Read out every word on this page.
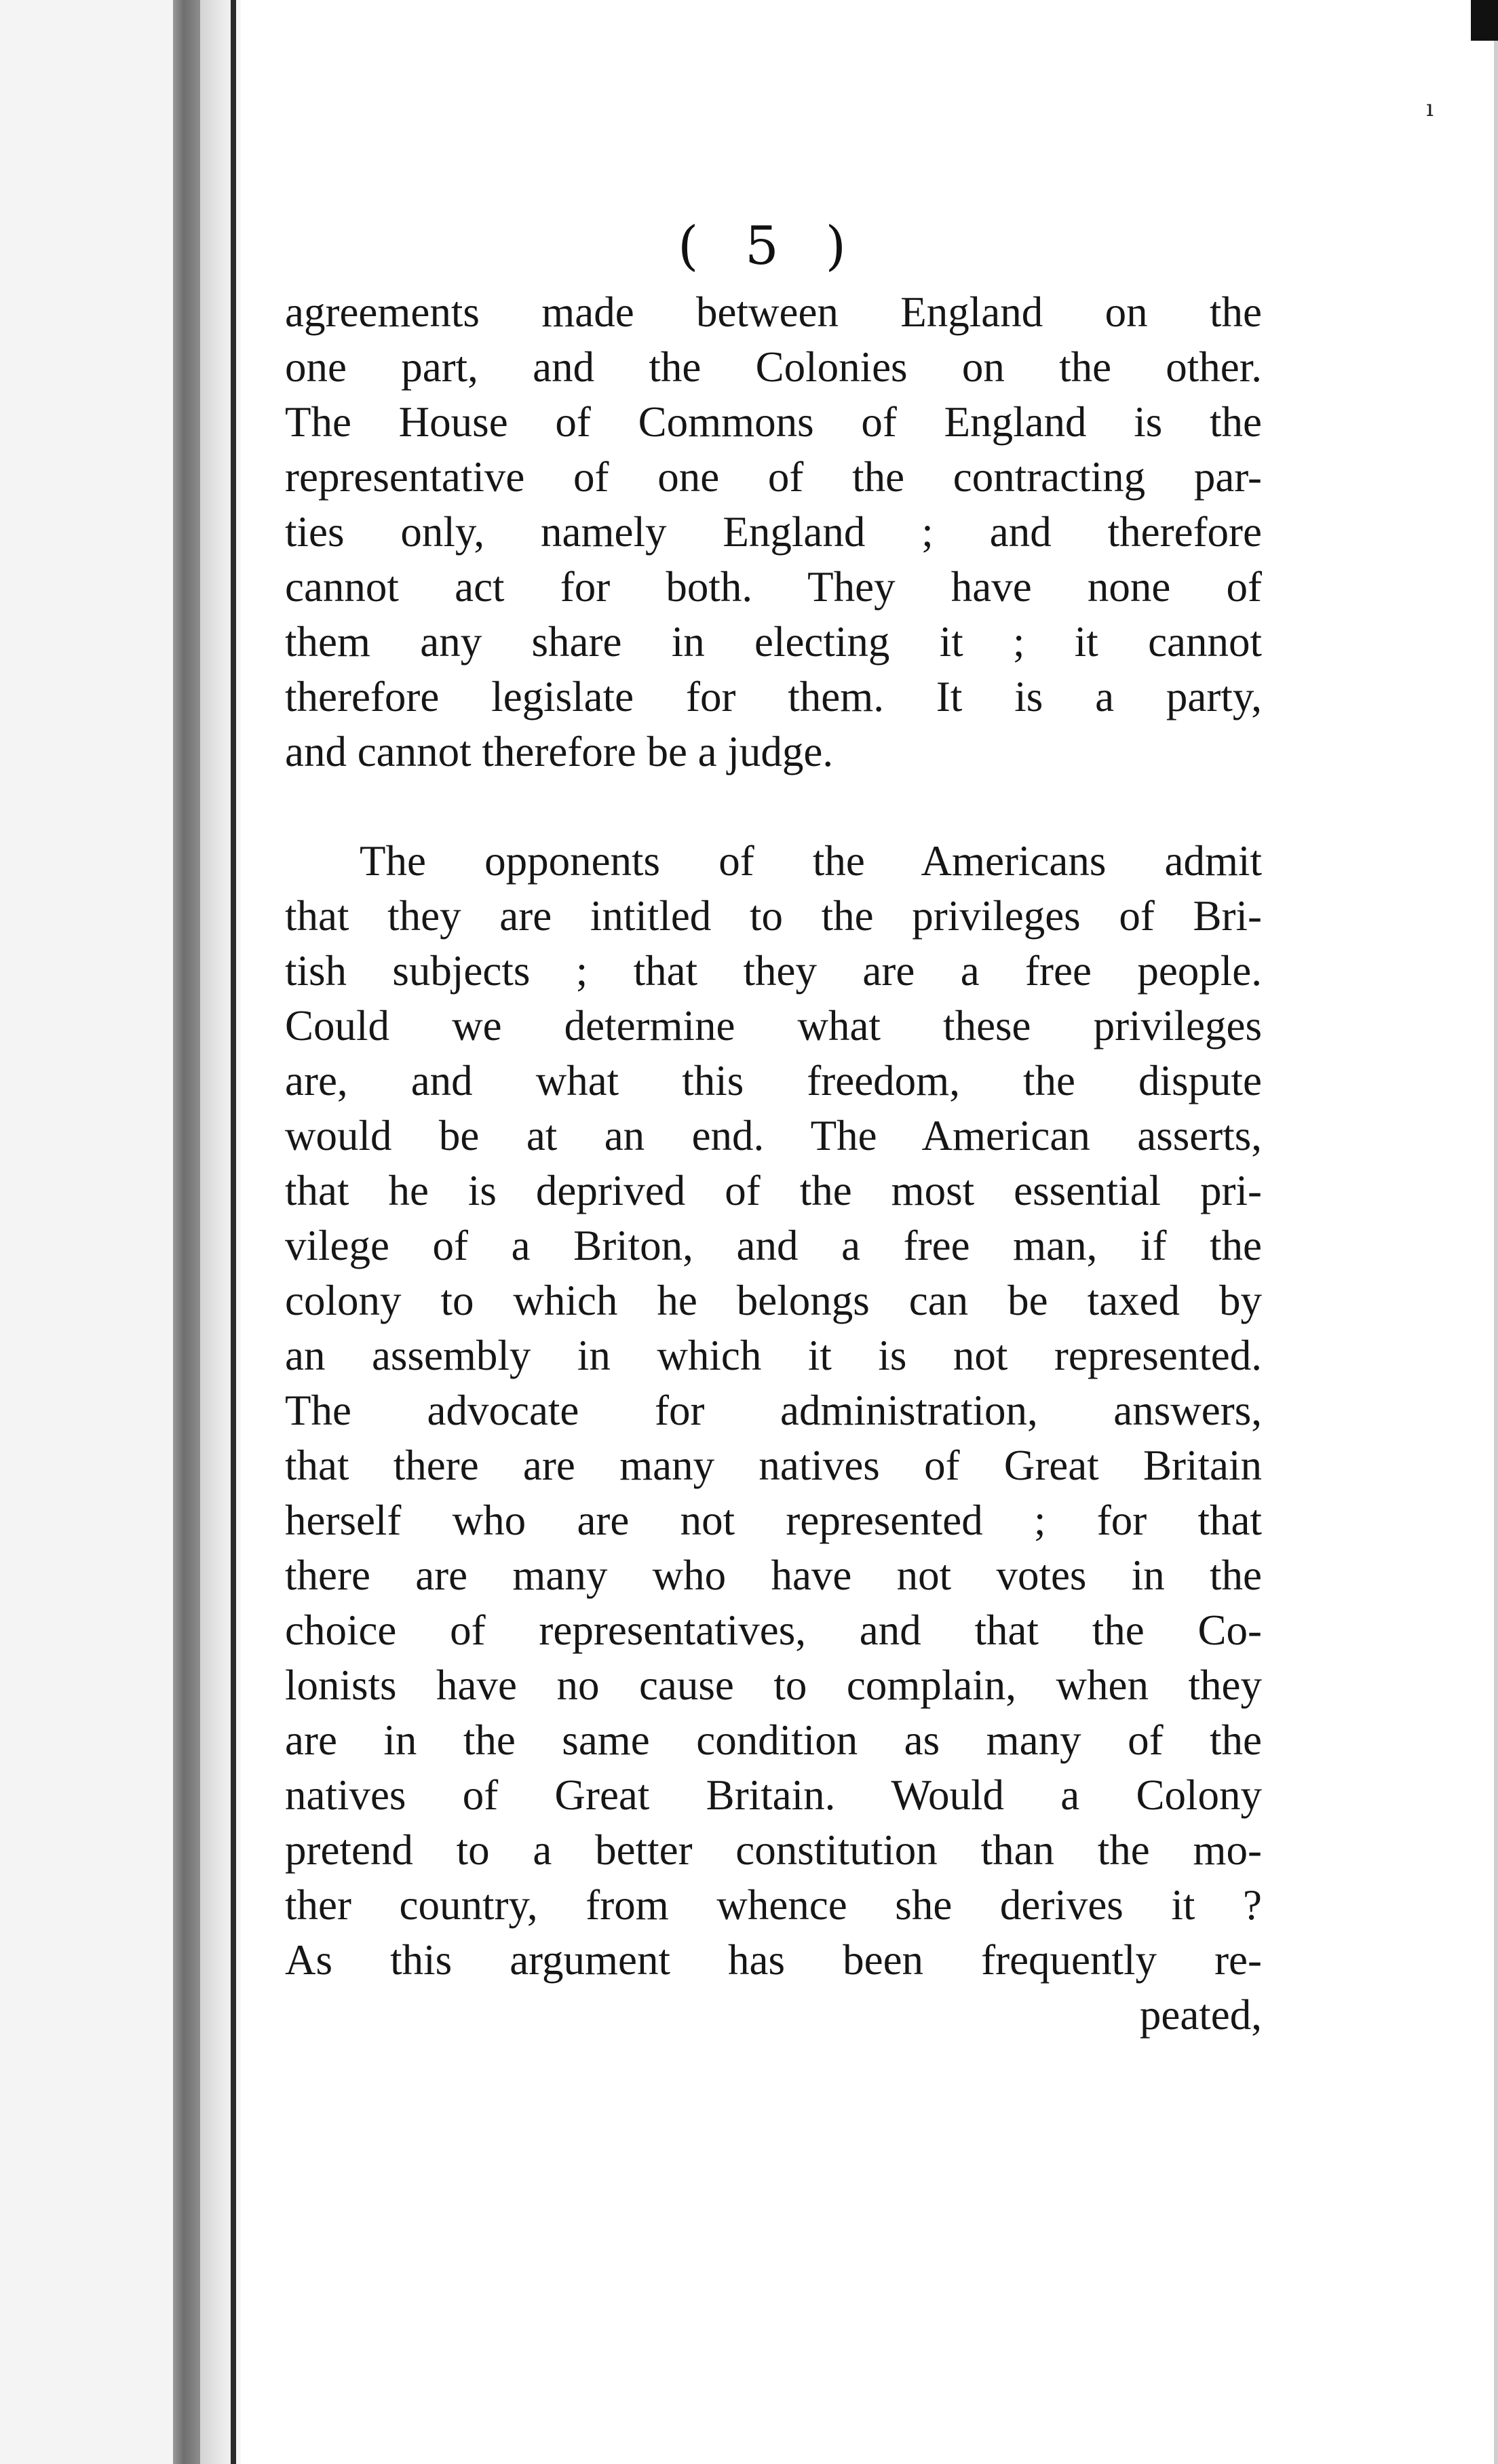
ı
( 5 )
agreements made between England on the
one part, and the Colonies on the other.
The House of Commons of England is the
representative of one of the contracting par-
ties only, namely England ; and therefore
cannot act for both. They have none of
them any share in electing it ; it cannot
therefore legislate for them. It is a party,
and cannot therefore be a judge.
The opponents of the Americans admit
that they are intitled to the privileges of Bri-
tish subjects ; that they are a free people.
Could we determine what these privileges
are, and what this freedom, the dispute
would be at an end. The American asserts,
that he is deprived of the most essential pri-
vilege of a Briton, and a free man, if the
colony to which he belongs can be taxed by
an assembly in which it is not represented.
The advocate for administration, answers,
that there are many natives of Great Britain
herself who are not represented ; for that
there are many who have not votes in the
choice of representatives, and that the Co-
lonists have no cause to complain, when they
are in the same condition as many of the
natives of Great Britain. Would a Colony
pretend to a better constitution than the mo-
ther country, from whence she derives it ?
As this argument has been frequently re-
peated,
